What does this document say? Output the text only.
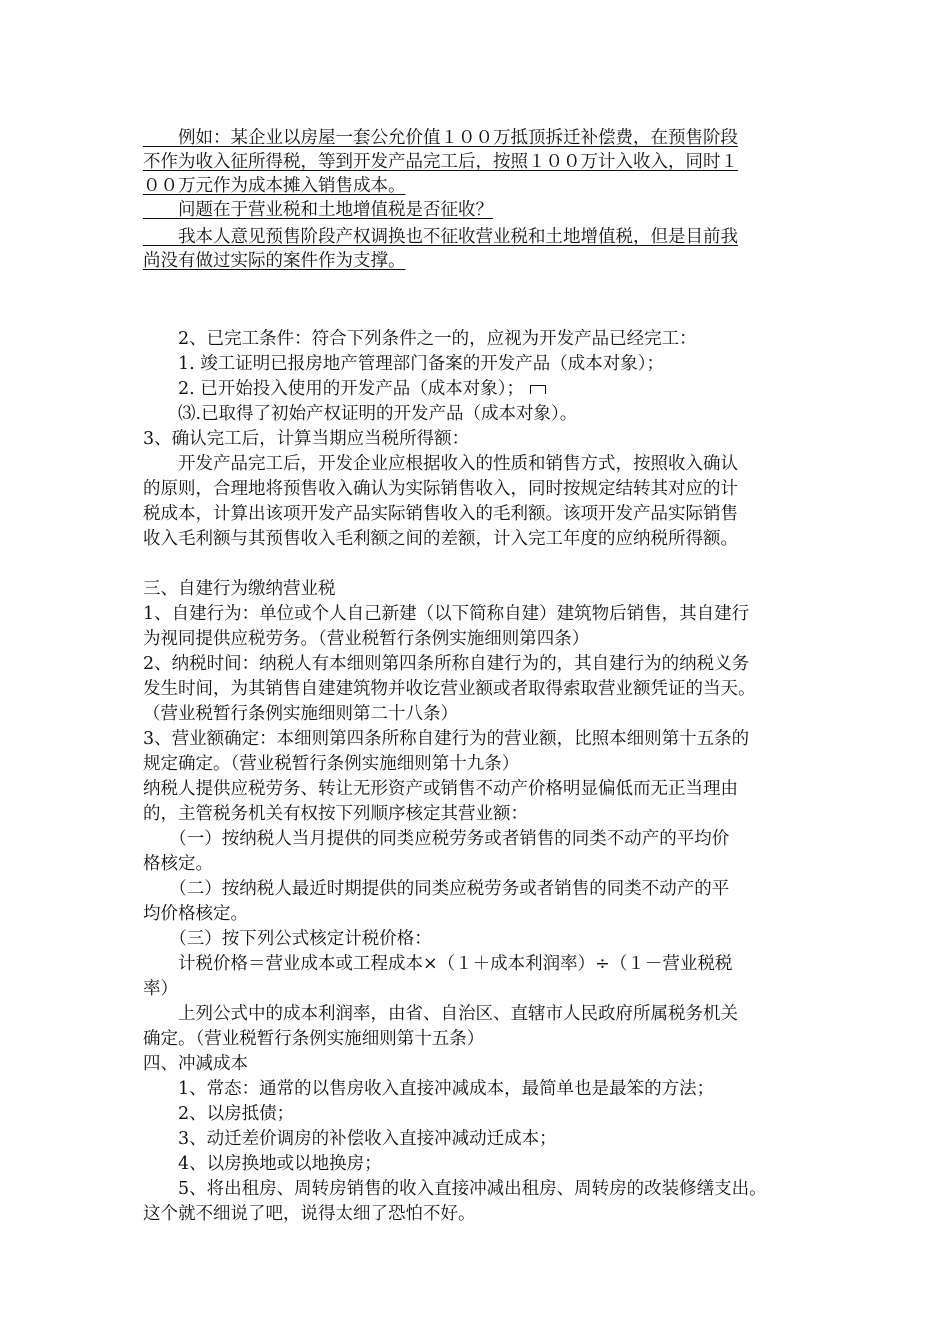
　　例如：某企业以房屋一套公允价值１００万抵顶拆迁补偿费，在预售阶段
不作为收入征所得税，等到开发产品完工后，按照１００万计入收入，同时１
００万元作为成本摊入销售成本。
　　问题在于营业税和土地增值税是否征收？
　　我本人意见预售阶段产权调换也不征收营业税和土地增值税，但是目前我
尚没有做过实际的案件作为支撑。
　　2、已完工条件：符合下列条件之一的，应视为开发产品已经完工：
　　1. 竣工证明已报房地产管理部门备案的开发产品（成本对象）；
　　2. 已开始投入使用的开发产品（成本对象）；
　　⑶.已取得了初始产权证明的开发产品（成本对象）。
3、确认完工后，计算当期应当税所得额：
　　开发产品完工后，开发企业应根据收入的性质和销售方式，按照收入确认
的原则，合理地将预售收入确认为实际销售收入，同时按规定结转其对应的计
税成本，计算出该项开发产品实际销售收入的毛利额。该项开发产品实际销售
收入毛利额与其预售收入毛利额之间的差额，计入完工年度的应纳税所得额。
三、自建行为缴纳营业税
1、自建行为：单位或个人自己新建（以下简称自建）建筑物后销售，其自建行
为视同提供应税劳务。（营业税暂行条例实施细则第四条）
2、纳税时间：纳税人有本细则第四条所称自建行为的，其自建行为的纳税义务
发生时间，为其销售自建建筑物并收讫营业额或者取得索取营业额凭证的当天。
（营业税暂行条例实施细则第二十八条）
3、营业额确定：本细则第四条所称自建行为的营业额，比照本细则第十五条的
规定确定。（营业税暂行条例实施细则第十九条）
纳税人提供应税劳务、转让无形资产或销售不动产价格明显偏低而无正当理由
的，主管税务机关有权按下列顺序核定其营业额：
　　（一）按纳税人当月提供的同类应税劳务或者销售的同类不动产的平均价
格核定。
　　（二）按纳税人最近时期提供的同类应税劳务或者销售的同类不动产的平
均价格核定。
　　（三）按下列公式核定计税价格：
　　计税价格＝营业成本或工程成本×（１＋成本利润率）÷（１－营业税税
率）
　　上列公式中的成本利润率，由省、自治区、直辖市人民政府所属税务机关
确定。（营业税暂行条例实施细则第十五条）
四、冲减成本
　　1、常态：通常的以售房收入直接冲减成本，最简单也是最笨的方法；
　　2、以房抵债；
　　3、动迁差价调房的补偿收入直接冲减动迁成本；
　　4、以房换地或以地换房；
　　5、将出租房、周转房销售的收入直接冲减出租房、周转房的改装修缮支出。
这个就不细说了吧，说得太细了恐怕不好。
